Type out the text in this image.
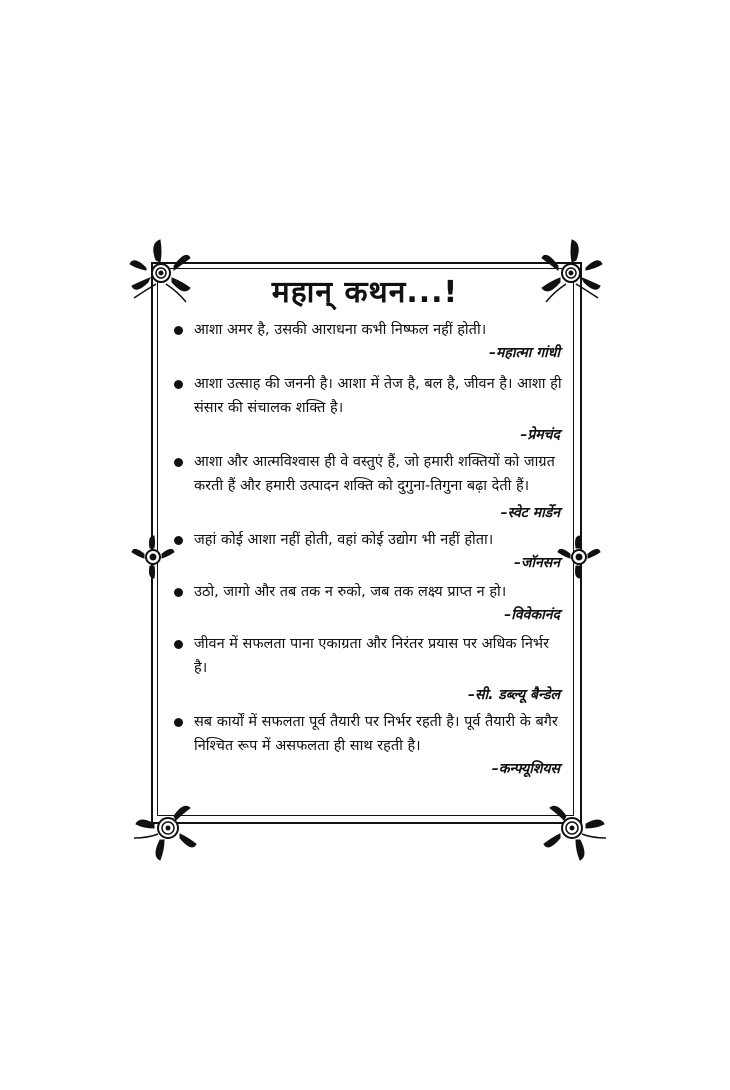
महान् कथन...!
आशा अमर है, उसकी आराधना कभी निष्फल नहीं होती।
–महात्मा गांधी
आशा उत्साह की जननी है। आशा में तेज है, बल है, जीवन है। आशा ही संसार की संचालक शक्ति है।
–प्रेमचंद
आशा और आत्मविश्वास ही वे वस्तुएं हैं, जो हमारी शक्तियों को जाग्रत करती हैं और हमारी उत्पादन शक्ति को दुगुना-तिगुना बढ़ा देती हैं।
–स्वेट मार्डेन
जहां कोई आशा नहीं होती, वहां कोई उद्योग भी नहीं होता।
–जॉनसन
उठो, जागो और तब तक न रुको, जब तक लक्ष्य प्राप्त न हो।
–विवेकानंद
जीवन में सफलता पाना एकाग्रता और निरंतर प्रयास पर अधिक निर्भर है।
–सी. डब्ल्यू बैन्डेल
सब कार्यों में सफलता पूर्व तैयारी पर निर्भर रहती है। पूर्व तैयारी के बगैर निश्चित रूप में असफलता ही साथ रहती है।
–कन्फ्यूशियस
